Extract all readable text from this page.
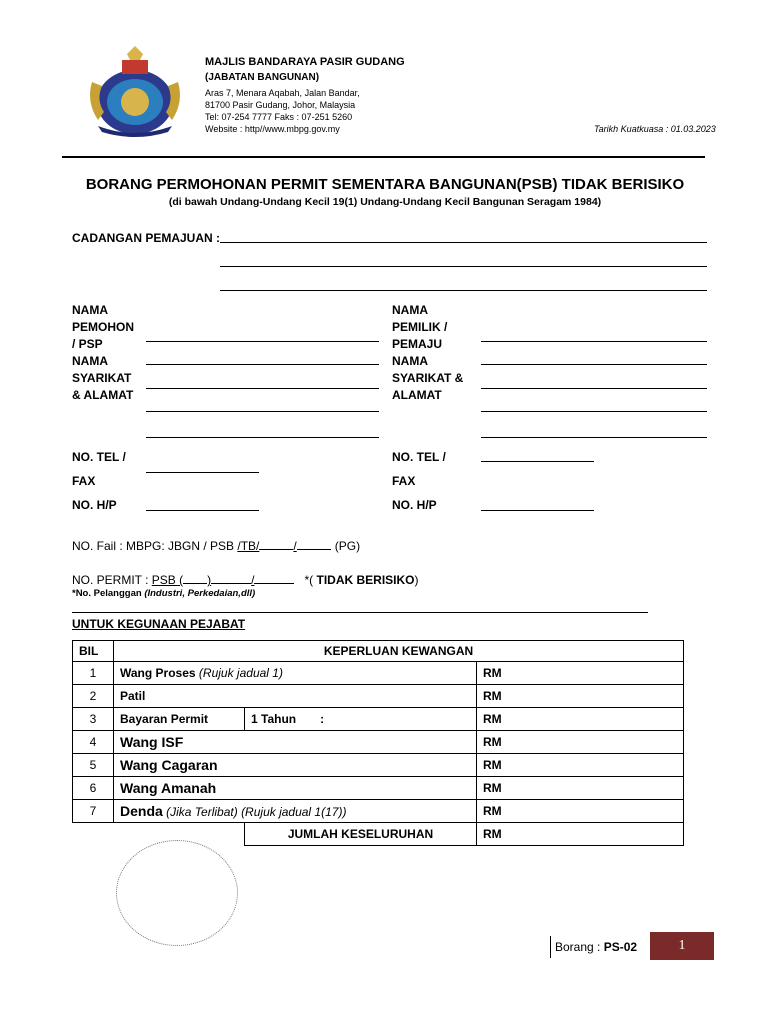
MAJLIS BANDARAYA PASIR GUDANG
(JABATAN BANGUNAN)
Aras 7, Menara Aqabah, Jalan Bandar,
81700 Pasir Gudang, Johor, Malaysia
Tel: 07-254 7777 Faks : 07-251 5260
Website : http//www.mbpg.gov.my	Tarikh Kuatkuasa : 01.03.2023
BORANG PERMOHONAN PERMIT SEMENTARA BANGUNAN(PSB) TIDAK BERISIKO
(di bawah Undang-Undang Kecil 19(1) Undang-Undang Kecil Bangunan Seragam 1984)
CADANGAN PEMAJUAN :
NAMA
PEMOHON
/ PSP
NAMA
SYARIKAT
& ALAMAT
NO. TEL /
FAX
NO. H/P
NAMA
PEMILIK /
PEMAJU
NAMA
SYARIKAT &
ALAMAT
NO. TEL /
FAX
NO. H/P
NO. Fail : MBPG: JBGN / PSB /TB/	/	(PG)
NO. PERMIT : PSB ( )	/	*( TIDAK BERISIKO)
*No. Pelanggan (Industri, Perkedaian,dll)
UNTUK KEGUNAAN PEJABAT
BIL	KEPERLUAN KEWANGAN		
1	Wang Proses (Rujuk jadual 1)		RM
2	Patil		RM
3	Bayaran Permit	1 Tahun :	RM
4	Wang ISF		RM
5	Wang Cagaran		RM
6	Wang Amanah		RM
7	Denda (Jika Terlibat) (Rujuk jadual 1(17))		RM
		JUMLAH KESELURUHAN	RM
Borang : PS-02	1
